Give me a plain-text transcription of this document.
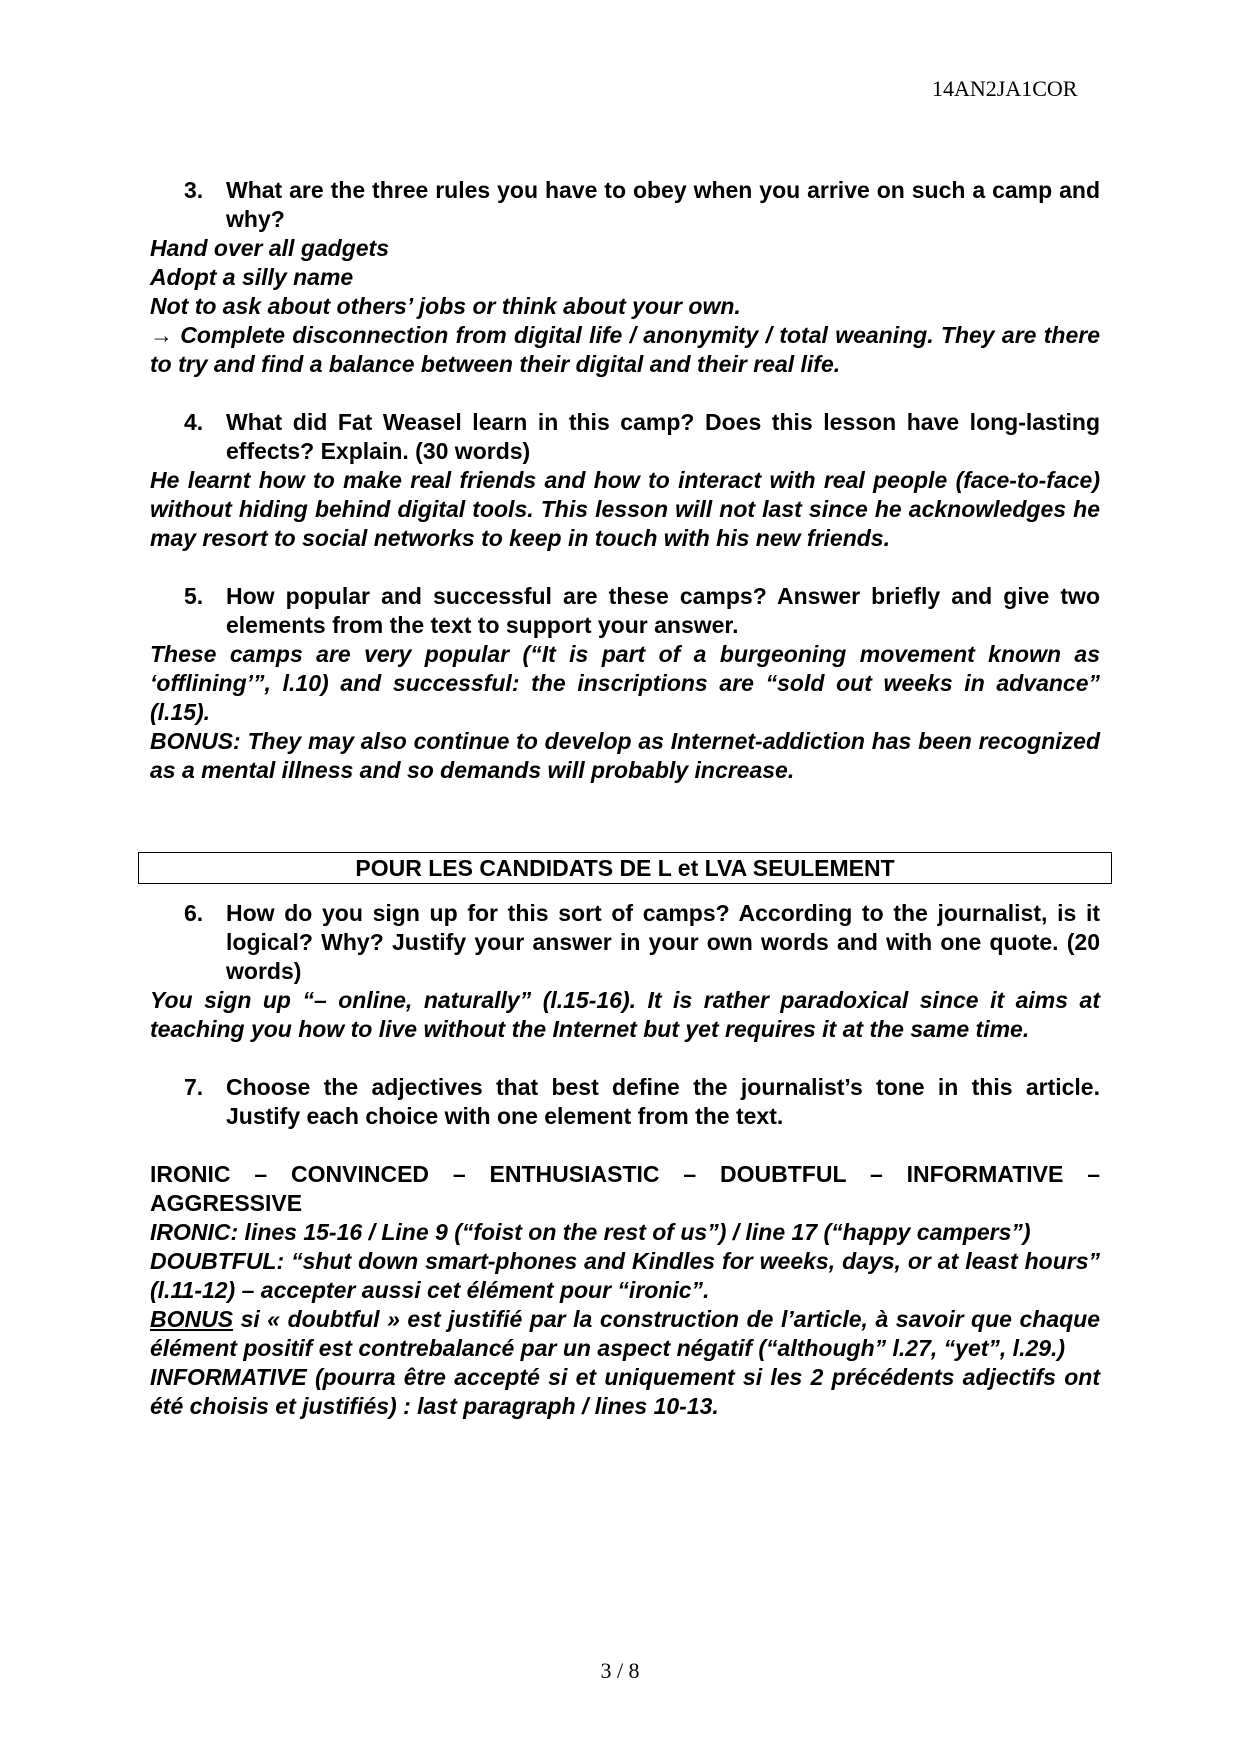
14AN2JA1COR
3. What are the three rules you have to obey when you arrive on such a camp and why?

Hand over all gadgets

Adopt a silly name

Not to ask about others’ jobs or think about your own.

→ Complete disconnection from digital life / anonymity / total weaning. They are there to try and find a balance between their digital and their real life.

4. What did Fat Weasel learn in this camp? Does this lesson have long-lasting effects? Explain. (30 words)

He learnt how to make real friends and how to interact with real people (face-to-face) without hiding behind digital tools. This lesson will not last since he acknowledges he may resort to social networks to keep in touch with his new friends.

5. How popular and successful are these camps? Answer briefly and give two elements from the text to support your answer.

These camps are very popular (“It is part of a burgeoning movement known as ‘offlining’”, l.10) and successful: the inscriptions are “sold out weeks in advance” (l.15).

BONUS: They may also continue to develop as Internet-addiction has been recognized as a mental illness and so demands will probably increase.

POUR LES CANDIDATS DE L et LVA SEULEMENT
6. How do you sign up for this sort of camps? According to the journalist, is it logical? Why? Justify your answer in your own words and with one quote. (20 words)

You sign up “– online, naturally” (l.15-16). It is rather paradoxical since it aims at teaching you how to live without the Internet but yet requires it at the same time.

7. Choose the adjectives that best define the journalist’s tone in this article. Justify each choice with one element from the text.

IRONIC – CONVINCED – ENTHUSIASTIC – DOUBTFUL – INFORMATIVE – AGGRESSIVE

IRONIC: lines 15-16 / Line 9 (“foist on the rest of us”) / line 17 (“happy campers”)

DOUBTFUL: “shut down smart-phones and Kindles for weeks, days, or at least hours” (l.11-12) – accepter aussi cet élément pour “ironic”.

BONUS si « doubtful » est justifié par la construction de l’article, à savoir que chaque élément positif est contrebalancé par un aspect négatif (“although” l.27, “yet”, l.29.)

INFORMATIVE (pourra être accepté si et uniquement si les 2 précédents adjectifs ont été choisis et justifiés) : last paragraph / lines 10-13.

3 / 8
